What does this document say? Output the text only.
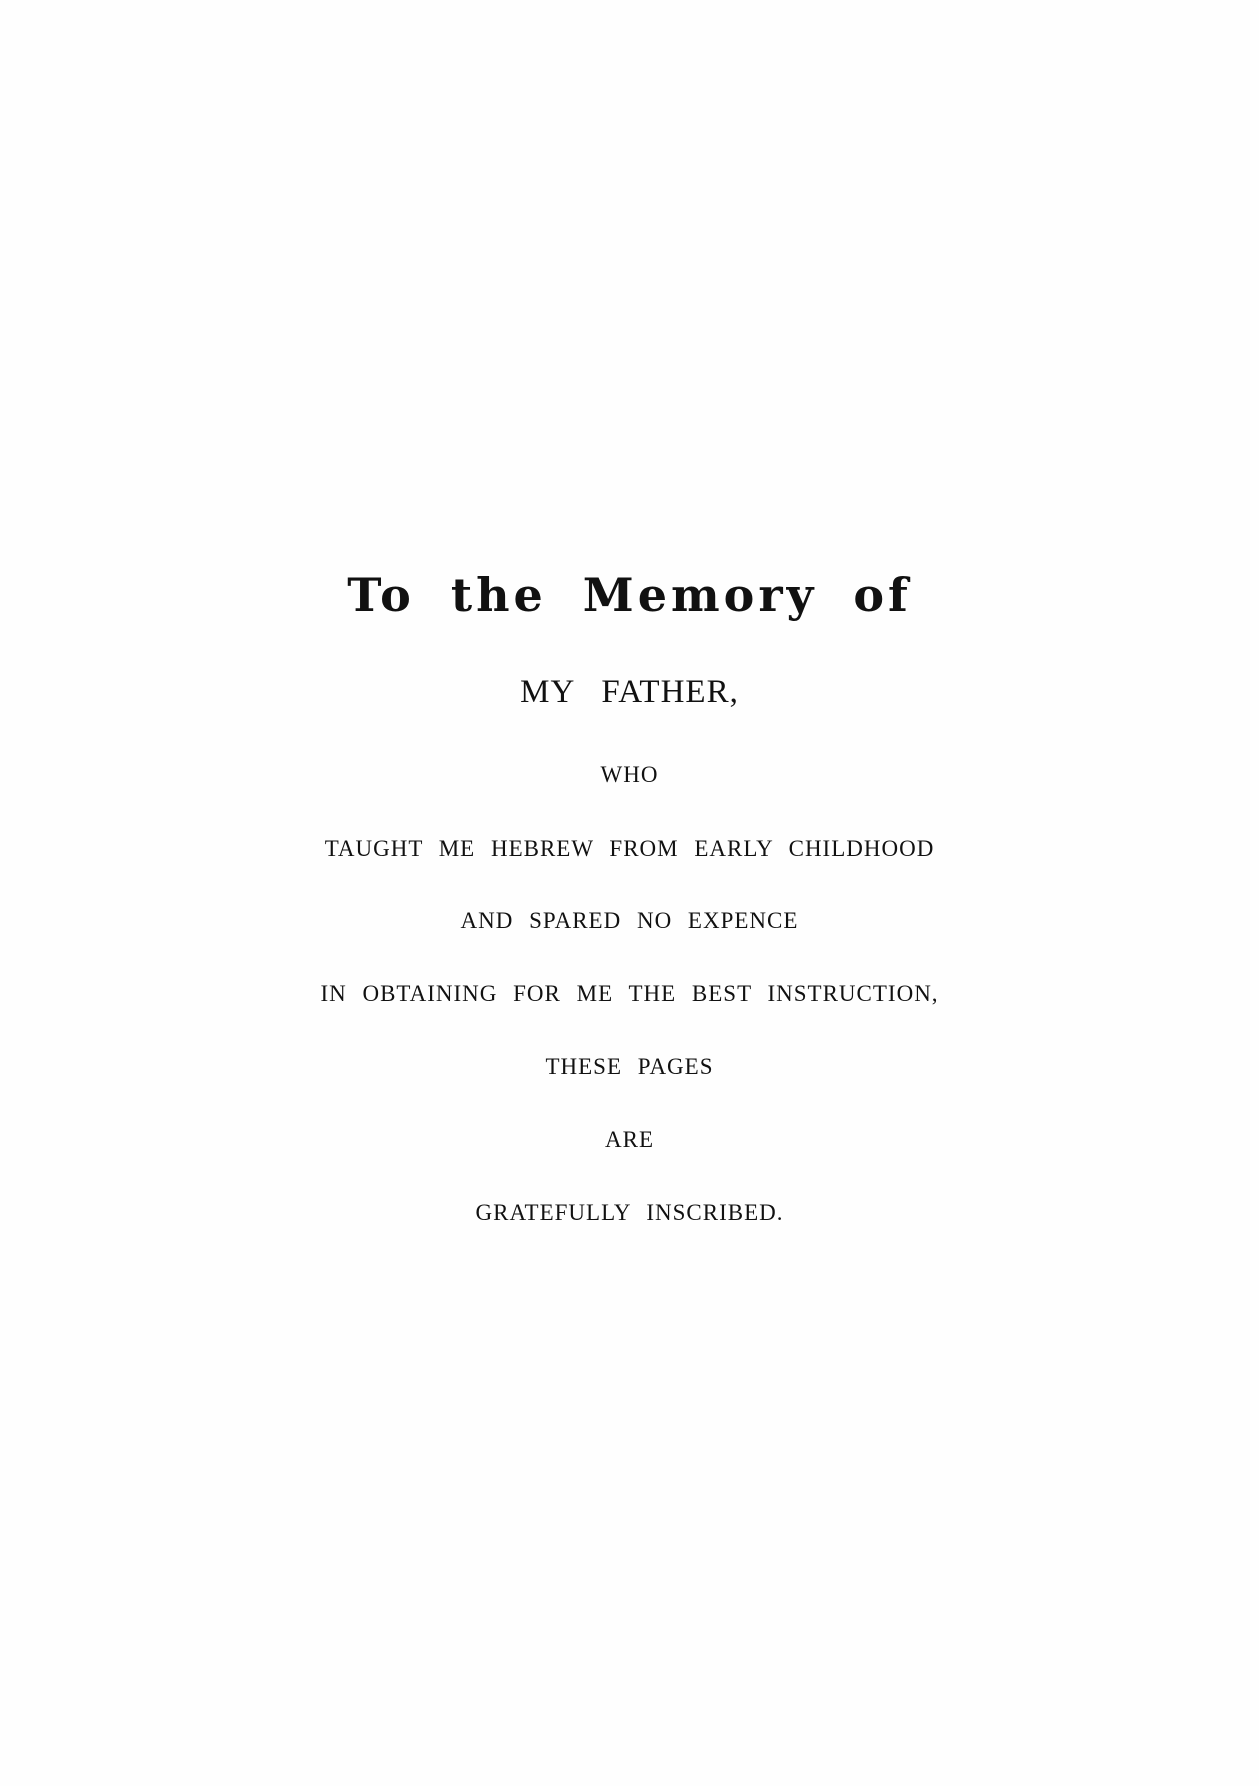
To the Memory of
MY FATHER,
WHO
TAUGHT ME HEBREW FROM EARLY CHILDHOOD
AND SPARED NO EXPENCE
IN OBTAINING FOR ME THE BEST INSTRUCTION,
THESE PAGES
ARE
GRATEFULLY INSCRIBED.
